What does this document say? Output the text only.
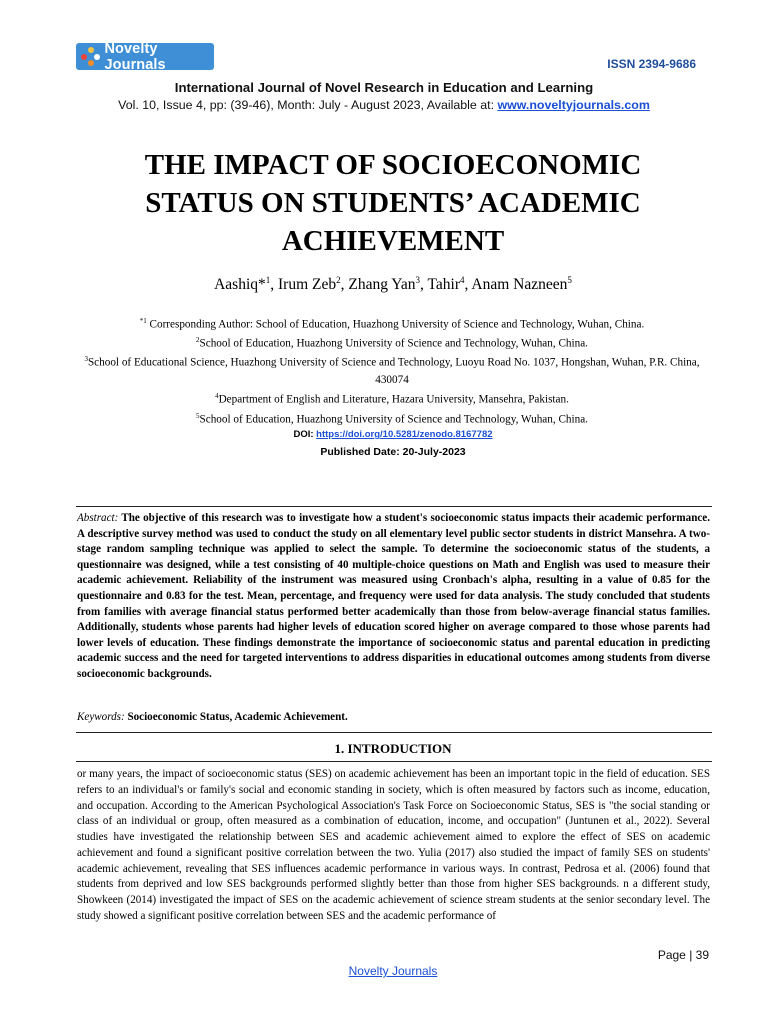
Novelty Journals	ISSN 2394-9686
International Journal of Novel Research in Education and Learning
Vol. 10, Issue 4, pp: (39-46), Month: July - August 2023, Available at: www.noveltyjournals.com
THE IMPACT OF SOCIOECONOMIC STATUS ON STUDENTS’ ACADEMIC ACHIEVEMENT
Aashiq*$^1$, Irum Zeb$^2$, Zhang Yan$^3$, Tahir$^4$, Anam Nazneen$^5$
$^{*1}$ Corresponding Author: School of Education, Huazhong University of Science and Technology, Wuhan, China.
$^2$School of Education, Huazhong University of Science and Technology, Wuhan, China.
$^3$School of Educational Science, Huazhong University of Science and Technology, Luoyu Road No. 1037, Hongshan, Wuhan, P.R. China, 430074
$^4$Department of English and Literature, Hazara University, Mansehra, Pakistan.
$^5$School of Education, Huazhong University of Science and Technology, Wuhan, China.
DOI: https://doi.org/10.5281/zenodo.8167782
Published Date: 20-July-2023
Abstract: The objective of this research was to investigate how a student's socioeconomic status impacts their academic performance. A descriptive survey method was used to conduct the study on all elementary level public sector students in district Mansehra. A two-stage random sampling technique was applied to select the sample. To determine the socioeconomic status of the students, a questionnaire was designed, while a test consisting of 40 multiple-choice questions on Math and English was used to measure their academic achievement. Reliability of the instrument was measured using Cronbach's alpha, resulting in a value of 0.85 for the questionnaire and 0.83 for the test. Mean, percentage, and frequency were used for data analysis. The study concluded that students from families with average financial status performed better academically than those from below-average financial status families. Additionally, students whose parents had higher levels of education scored higher on average compared to those whose parents had lower levels of education. These findings demonstrate the importance of socioeconomic status and parental education in predicting academic success and the need for targeted interventions to address disparities in educational outcomes among students from diverse socioeconomic backgrounds.
Keywords: Socioeconomic Status, Academic Achievement.
1. INTRODUCTION
or many years, the impact of socioeconomic status (SES) on academic achievement has been an important topic in the field of education. SES refers to an individual's or family's social and economic standing in society, which is often measured by factors such as income, education, and occupation. According to the American Psychological Association's Task Force on Socioeconomic Status, SES is "the social standing or class of an individual or group, often measured as a combination of education, income, and occupation" (Juntunen et al., 2022). Several studies have investigated the relationship between SES and academic achievement aimed to explore the effect of SES on academic achievement and found a significant positive correlation between the two. Yulia (2017) also studied the impact of family SES on students' academic achievement, revealing that SES influences academic performance in various ways. In contrast, Pedrosa et al. (2006) found that students from deprived and low SES backgrounds performed slightly better than those from higher SES backgrounds. n a different study, Showkeen (2014) investigated the impact of SES on the academic achievement of science stream students at the senior secondary level. The study showed a significant positive correlation between SES and the academic performance of
Page | 39
Novelty Journals
